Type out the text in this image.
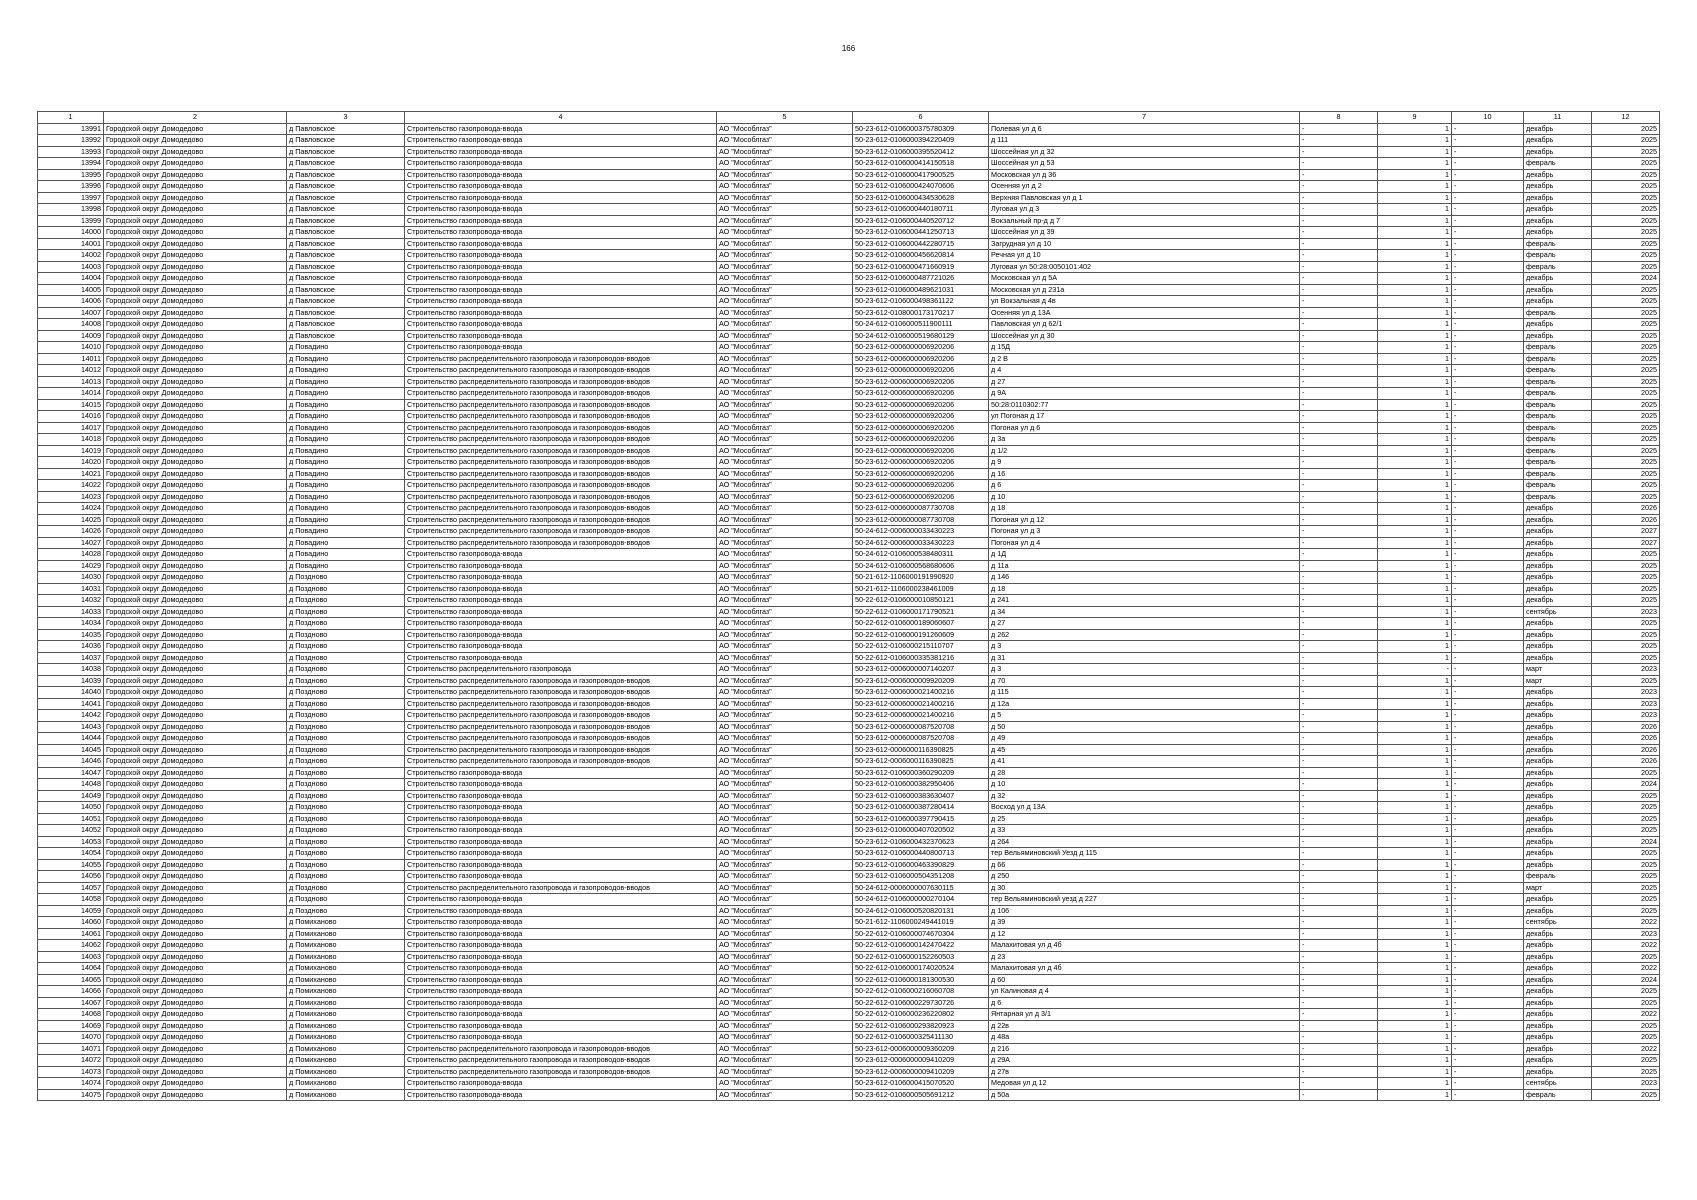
166
1	2	3	4	5	6	7	8	9	10	11	12
13991	Городской округ Домодедово	д Павловское	Строительство газопровода-ввода	АО "Мособлгаз"	50-23-612-0106000375780309	Полевая ул д 6	-	1	-	декабрь	2025
13992	Городской округ Домодедово	д Павловское	Строительство газопровода-ввода	АО "Мособлгаз"	50-23-612-0106000394220409	д 111	-	1	-	декабрь	2025
13993	Городской округ Домодедово	д Павловское	Строительство газопровода-ввода	АО "Мособлгаз"	50-23-612-0106000395520412	Шоссейная ул д 32	-	1	-	декабрь	2025
13994	Городской округ Домодедово	д Павловское	Строительство газопровода-ввода	АО "Мособлгаз"	50-23-612-0106000414150518	Шоссейная ул д 53	-	1	-	февраль	2025
13995	Городской округ Домодедово	д Павловское	Строительство газопровода-ввода	АО "Мособлгаз"	50-23-612-0106000417900525	Московская ул д 36	-	1	-	декабрь	2025
13996	Городской округ Домодедово	д Павловское	Строительство газопровода-ввода	АО "Мособлгаз"	50-23-612-0106000424070606	Осенняя ул д 2	-	1	-	декабрь	2025
13997	Городской округ Домодедово	д Павловское	Строительство газопровода-ввода	АО "Мособлгаз"	50-23-612-0106000434530628	Верхняя Павловская ул д 1	-	1	-	декабрь	2025
13998	Городской округ Домодедово	д Павловское	Строительство газопровода-ввода	АО "Мособлгаз"	50-23-612-0106000440180711	Луговая ул д 3	-	1	-	декабрь	2025
13999	Городской округ Домодедово	д Павловское	Строительство газопровода-ввода	АО "Мособлгаз"	50-23-612-0106000440520712	Вокзальный пр-д д 7	-	1	-	декабрь	2025
14000	Городской округ Домодедово	д Павловское	Строительство газопровода-ввода	АО "Мособлгаз"	50-23-612-0106000441250713	Шоссейная ул д 39	-	1	-	декабрь	2025
14001	Городской округ Домодедово	д Павловское	Строительство газопровода-ввода	АО "Мособлгаз"	50-23-612-0106000442280715	Загрудная ул д 10	-	1	-	февраль	2025
14002	Городской округ Домодедово	д Павловское	Строительство газопровода-ввода	АО "Мособлгаз"	50-23-612-0106000456620814	Речная ул д 10	-	1	-	февраль	2025
14003	Городской округ Домодедово	д Павловское	Строительство газопровода-ввода	АО "Мособлгаз"	50-23-612-0106000471660919	Луговая ул 50:28:0050101:402	-	1	-	февраль	2025
14004	Городской округ Домодедово	д Павловское	Строительство газопровода-ввода	АО "Мособлгаз"	50-23-612-0106000487721026	Московская ул д 5А	-	1	-	декабрь	2024
14005	Городской округ Домодедово	д Павловское	Строительство газопровода-ввода	АО "Мособлгаз"	50-23-612-0106000489621031	Московская ул д 231а	-	1	-	декабрь	2025
14006	Городской округ Домодедово	д Павловское	Строительство газопровода-ввода	АО "Мособлгаз"	50-23-612-0106000498361122	ул Вокзальная д 4в	-	1	-	декабрь	2025
14007	Городской округ Домодедово	д Павловское	Строительство газопровода-ввода	АО "Мособлгаз"	50-23-612-0108000173170217	Осенняя ул д 13А	-	1	-	февраль	2025
14008	Городской округ Домодедово	д Павловское	Строительство газопровода-ввода	АО "Мособлгаз"	50-24-612-0106000511900111	Павловская ул д 62/1	-	1	-	декабрь	2025
14009	Городской округ Домодедово	д Павловское	Строительство газопровода-ввода	АО "Мособлгаз"	50-24-612-0106000519680129	Шоссейная ул д 30	-	1	-	декабрь	2025
14010	Городской округ Домодедово	д Повадино	Строительство газопровода-ввода	АО "Мособлгаз"	50-23-612-0006000006920206	д 15Д	-	1	-	февраль	2025
14011	Городской округ Домодедово	д Повадино	Строительство распределительного газопровода и газопроводов-вводов	АО "Мособлгаз"	50-23-612-0006000006920206	д 2 В	-	1	-	февраль	2025
14012	Городской округ Домодедово	д Повадино	Строительство распределительного газопровода и газопроводов-вводов	АО "Мособлгаз"	50-23-612-0006000006920206	д 4	-	1	-	февраль	2025
14013	Городской округ Домодедово	д Повадино	Строительство распределительного газопровода и газопроводов-вводов	АО "Мособлгаз"	50-23-612-0006000006920206	д 27	-	1	-	февраль	2025
14014	Городской округ Домодедово	д Повадино	Строительство распределительного газопровода и газопроводов-вводов	АО "Мособлгаз"	50-23-612-0006000006920206	д 9А	-	1	-	февраль	2025
14015	Городской округ Домодедово	д Повадино	Строительство распределительного газопровода и газопроводов-вводов	АО "Мособлгаз"	50-23-612-0006000006920206	50:28:0110302:77	-	1	-	февраль	2025
14016	Городской округ Домодедово	д Повадино	Строительство распределительного газопровода и газопроводов-вводов	АО "Мособлгаз"	50-23-612-0006000006920206	ул Погоная д 17	-	1	-	февраль	2025
14017	Городской округ Домодедово	д Повадино	Строительство распределительного газопровода и газопроводов-вводов	АО "Мособлгаз"	50-23-612-0006000006920206	Погоная ул д 6	-	1	-	февраль	2025
14018	Городской округ Домодедово	д Повадино	Строительство распределительного газопровода и газопроводов-вводов	АО "Мособлгаз"	50-23-612-0006000006920206	д 3а	-	1	-	февраль	2025
14019	Городской округ Домодедово	д Повадино	Строительство распределительного газопровода и газопроводов-вводов	АО "Мособлгаз"	50-23-612-0006000006920206	д 1/2	-	1	-	февраль	2025
14020	Городской округ Домодедово	д Повадино	Строительство распределительного газопровода и газопроводов-вводов	АО "Мособлгаз"	50-23-612-0006000006920206	д 9	-	1	-	февраль	2025
14021	Городской округ Домодедово	д Повадино	Строительство распределительного газопровода и газопроводов-вводов	АО "Мособлгаз"	50-23-612-0006000006920206	д 16	-	1	-	февраль	2025
14022	Городской округ Домодедово	д Повадино	Строительство распределительного газопровода и газопроводов-вводов	АО "Мособлгаз"	50-23-612-0006000006920206	д 6	-	1	-	февраль	2025
14023	Городской округ Домодедово	д Повадино	Строительство распределительного газопровода и газопроводов-вводов	АО "Мособлгаз"	50-23-612-0006000006920206	д 10	-	1	-	февраль	2025
14024	Городской округ Домодедово	д Повадино	Строительство распределительного газопровода и газопроводов-вводов	АО "Мособлгаз"	50-23-612-0006000087730708	д 18	-	1	-	декабрь	2026
14025	Городской округ Домодедово	д Повадино	Строительство распределительного газопровода и газопроводов-вводов	АО "Мособлгаз"	50-23-612-0006000087730708	Погоная ул д 12	-	1	-	декабрь	2026
14026	Городской округ Домодедово	д Повадино	Строительство распределительного газопровода и газопроводов-вводов	АО "Мособлгаз"	50-24-612-0006000033430223	Погоная ул д 3	-	1	-	декабрь	2027
14027	Городской округ Домодедово	д Повадино	Строительство распределительного газопровода и газопроводов-вводов	АО "Мособлгаз"	50-24-612-0006000033430223	Погоная ул д 4	-	1	-	декабрь	2027
14028	Городской округ Домодедово	д Повадино	Строительство газопровода-ввода	АО "Мособлгаз"	50-24-612-0106000538480311	д 1Д	-	1	-	декабрь	2025
14029	Городской округ Домодедово	д Повадино	Строительство газопровода-ввода	АО "Мособлгаз"	50-24-612-0106000568680606	д 11а	-	1	-	декабрь	2025
14030	Городской округ Домодедово	д Поздново	Строительство газопровода-ввода	АО "Мособлгаз"	50-21-612-1106000191990920	д 146	-	1	-	декабрь	2025
14031	Городской округ Домодедово	д Поздново	Строительство газопровода-ввода	АО "Мособлгаз"	50-21-612-1106000238461009	д 18	-	1	-	декабрь	2025
14032	Городской округ Домодедово	д Поздново	Строительство газопровода-ввода	АО "Мособлгаз"	50-22-612-0106000010850121	д 241	-	1	-	декабрь	2025
14033	Городской округ Домодедово	д Поздново	Строительство газопровода-ввода	АО "Мособлгаз"	50-22-612-0106000171790521	д 34	-	1	-	сентябрь	2023
14034	Городской округ Домодедово	д Поздново	Строительство газопровода-ввода	АО "Мособлгаз"	50-22-612-0106000189060607	д 27	-	1	-	декабрь	2025
14035	Городской округ Домодедово	д Поздново	Строительство газопровода-ввода	АО "Мособлгаз"	50-22-612-0106000191260609	д 262	-	1	-	декабрь	2025
14036	Городской округ Домодедово	д Поздново	Строительство газопровода-ввода	АО "Мособлгаз"	50-22-612-0106000215110707	д 3	-	1	-	декабрь	2025
14037	Городской округ Домодедово	д Поздново	Строительство газопровода-ввода	АО "Мособлгаз"	50-22-612-0106000335381216	д 31	-	1	-	декабрь	2025
14038	Городской округ Домодедово	д Поздново	Строительство распределительного газопровода	АО "Мособлгаз"	50-23-612-0006000007140207	д 3	-	-	-	март	2023
14039	Городской округ Домодедово	д Поздново	Строительство распределительного газопровода и газопроводов-вводов	АО "Мособлгаз"	50-23-612-0006000009920209	д 70	-	1	-	март	2025
14040	Городской округ Домодедово	д Поздново	Строительство распределительного газопровода и газопроводов-вводов	АО "Мособлгаз"	50-23-612-0006000021400216	д 115	-	1	-	декабрь	2023
14041	Городской округ Домодедово	д Поздново	Строительство распределительного газопровода и газопроводов-вводов	АО "Мособлгаз"	50-23-612-0006000021400216	д 12а	-	1	-	декабрь	2023
14042	Городской округ Домодедово	д Поздново	Строительство распределительного газопровода и газопроводов-вводов	АО "Мособлгаз"	50-23-612-0006000021400216	д 5	-	1	-	декабрь	2023
14043	Городской округ Домодедово	д Поздново	Строительство распределительного газопровода и газопроводов-вводов	АО "Мособлгаз"	50-23-612-0006000087520708	д 50	-	1	-	декабрь	2026
14044	Городской округ Домодедово	д Поздново	Строительство распределительного газопровода и газопроводов-вводов	АО "Мособлгаз"	50-23-612-0006000087520708	д 49	-	1	-	декабрь	2026
14045	Городской округ Домодедово	д Поздново	Строительство распределительного газопровода и газопроводов-вводов	АО "Мособлгаз"	50-23-612-0006000116390825	д 45	-	1	-	декабрь	2026
14046	Городской округ Домодедово	д Поздново	Строительство распределительного газопровода и газопроводов-вводов	АО "Мособлгаз"	50-23-612-0006000116390825	д 41	-	1	-	декабрь	2026
14047	Городской округ Домодедово	д Поздново	Строительство газопровода-ввода	АО "Мособлгаз"	50-23-612-0106000360290209	д 28	-	1	-	декабрь	2025
14048	Городской округ Домодедово	д Поздново	Строительство газопровода-ввода	АО "Мособлгаз"	50-23-612-0106000382950406	д 10	-	1	-	декабрь	2024
14049	Городской округ Домодедово	д Поздново	Строительство газопровода-ввода	АО "Мособлгаз"	50-23-612-0106000383630407	д 32	-	1	-	декабрь	2025
14050	Городской округ Домодедово	д Поздново	Строительство газопровода-ввода	АО "Мособлгаз"	50-23-612-0106000387280414	Восход ул д 13А	-	1	-	декабрь	2025
14051	Городской округ Домодедово	д Поздново	Строительство газопровода-ввода	АО "Мособлгаз"	50-23-612-0106000397790415	д 25	-	1	-	декабрь	2025
14052	Городской округ Домодедово	д Поздново	Строительство газопровода-ввода	АО "Мособлгаз"	50-23-612-0106000407020502	д 33	-	1	-	декабрь	2025
14053	Городской округ Домодедово	д Поздново	Строительство газопровода-ввода	АО "Мособлгаз"	50-23-612-0106000432370623	д 264	-	1	-	декабрь	2024
14054	Городской округ Домодедово	д Поздново	Строительство газопровода-ввода	АО "Мособлгаз"	50-23-612-0106000440800713	тер Вельяминовский Уезд д 115	-	1	-	декабрь	2025
14055	Городской округ Домодедово	д Поздново	Строительство газопровода-ввода	АО "Мособлгаз"	50-23-612-0106000463390829	д 66	-	1	-	декабрь	2025
14056	Городской округ Домодедово	д Поздново	Строительство газопровода-ввода	АО "Мособлгаз"	50-23-612-0106000504351208	д 250	-	1	-	февраль	2025
14057	Городской округ Домодедово	д Поздново	Строительство распределительного газопровода и газопроводов-вводов	АО "Мособлгаз"	50-24-612-0006000007630115	д 30	-	1	-	март	2025
14058	Городской округ Домодедово	д Поздново	Строительство газопровода-ввода	АО "Мособлгаз"	50-24-612-0106000000270104	тер Вельяминовский уезд д 227	-	1	-	декабрь	2025
14059	Городской округ Домодедово	д Поздново	Строительство газопровода-ввода	АО "Мособлгаз"	50-24-612-0106000520820131	д 106	-	1	-	декабрь	2025
14060	Городской округ Домодедово	д Помиханово	Строительство газопровода-ввода	АО "Мособлгаз"	50-21-612-1106000249441019	д 39	-	1	-	сентябрь	2022
14061	Городской округ Домодедово	д Помиханово	Строительство газопровода-ввода	АО "Мособлгаз"	50-22-612-0106000074670304	д 12	-	1	-	декабрь	2023
14062	Городской округ Домодедово	д Помиханово	Строительство газопровода-ввода	АО "Мособлгаз"	50-22-612-0106000142470422	Малахитовая ул д 4б	-	1	-	декабрь	2022
14063	Городской округ Домодедово	д Помиханово	Строительство газопровода-ввода	АО "Мособлгаз"	50-22-612-0106000152260503	д 23	-	1	-	декабрь	2025
14064	Городской округ Домодедово	д Помиханово	Строительство газопровода-ввода	АО "Мособлгаз"	50-22-612-0106000174020524	Малахитовая ул д 4б	-	1	-	декабрь	2022
14065	Городской округ Домодедово	д Помиханово	Строительство газопровода-ввода	АО "Мособлгаз"	50-22-612-0106000181300530	д 60	-	1	-	декабрь	2024
14066	Городской округ Домодедово	д Помиханово	Строительство газопровода-ввода	АО "Мособлгаз"	50-22-612-0106000216060708	ул Калиновая д 4	-	1	-	декабрь	2025
14067	Городской округ Домодедово	д Помиханово	Строительство газопровода-ввода	АО "Мособлгаз"	50-22-612-0106000229730726	д 6	-	1	-	декабрь	2025
14068	Городской округ Домодедово	д Помиханово	Строительство газопровода-ввода	АО "Мособлгаз"	50-22-612-0106000236220802	Янтарная ул д 3/1	-	1	-	декабрь	2022
14069	Городской округ Домодедово	д Помиханово	Строительство газопровода-ввода	АО "Мособлгаз"	50-22-612-0106000293820923	д 22в	-	1	-	декабрь	2025
14070	Городской округ Домодедово	д Помиханово	Строительство газопровода-ввода	АО "Мособлгаз"	50-22-612-0106000325411130	д 48а	-	1	-	декабрь	2025
14071	Городской округ Домодедово	д Помиханово	Строительство распределительного газопровода и газопроводов-вводов	АО "Мособлгаз"	50-23-612-0006000009360209	д 216	-	1	-	декабрь	2022
14072	Городской округ Домодедово	д Помиханово	Строительство распределительного газопровода и газопроводов-вводов	АО "Мособлгаз"	50-23-612-0006000009410209	д 29А	-	1	-	декабрь	2025
14073	Городской округ Домодедово	д Помиханово	Строительство распределительного газопровода и газопроводов-вводов	АО "Мособлгаз"	50-23-612-0006000009410209	д 27в	-	1	-	декабрь	2025
14074	Городской округ Домодедово	д Помиханово	Строительство газопровода-ввода	АО "Мособлгаз"	50-23-612-0106000415070520	Медовая ул д 12	-	1	-	сентябрь	2023
14075	Городской округ Домодедово	д Помиханово	Строительство газопровода-ввода	АО "Мособлгаз"	50-23-612-0106000505691212	д 50а	-	1	-	февраль	2025
